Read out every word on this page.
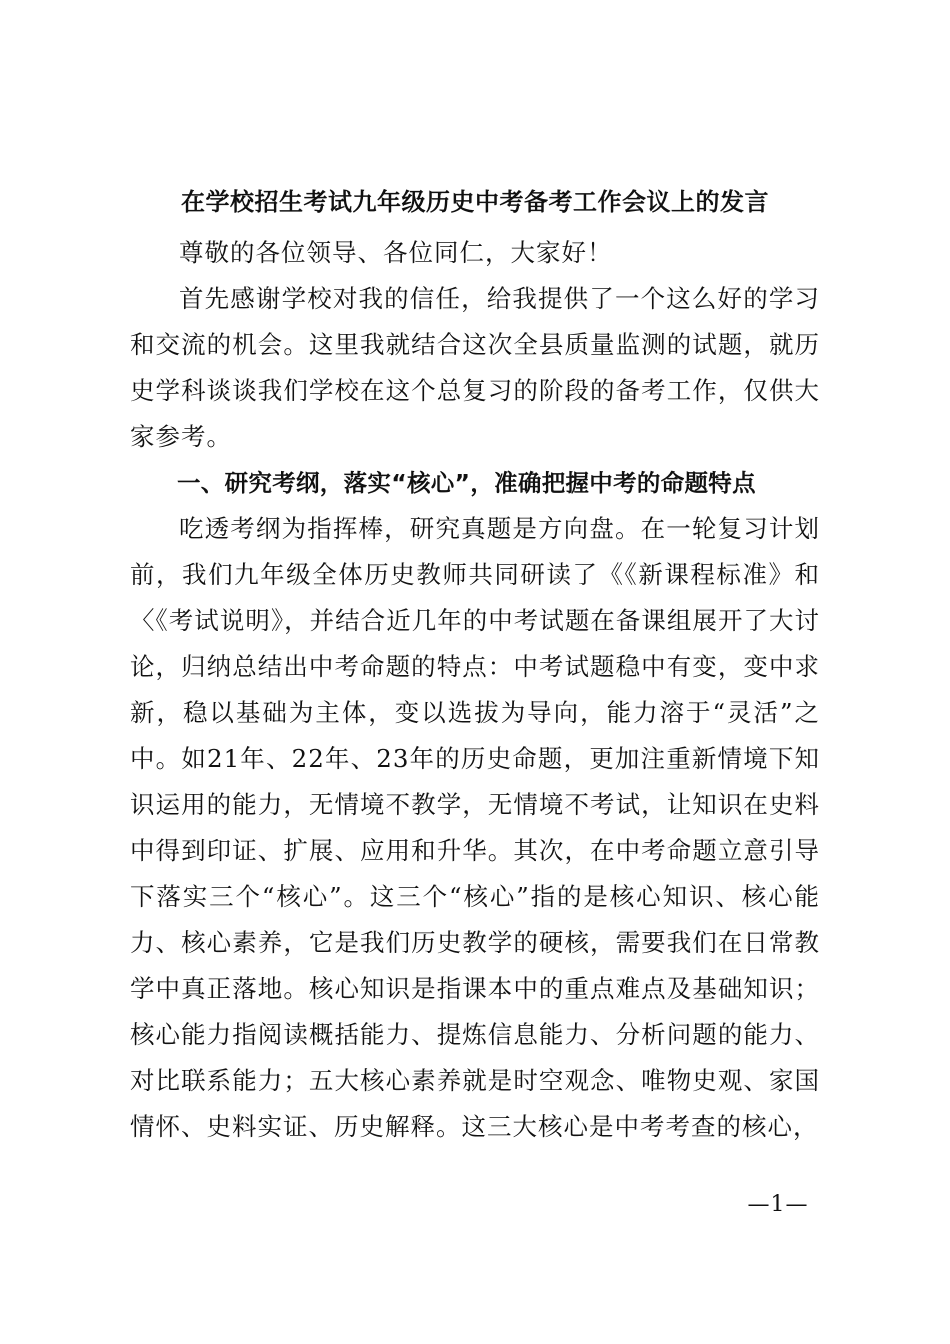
在学校招生考试九年级历史中考备考工作会议上的发言

尊敬的各位领导、各位同仁，大家好！

首先感谢学校对我的信任，给我提供了一个这么好的学习和交流的机会。这里我就结合这次全县质量监测的试题，就历史学科谈谈我们学校在这个总复习的阶段的备考工作，仅供大家参考。

一、研究考纲，落实“核心”，准确把握中考的命题特点

吃透考纲为指挥棒，研究真题是方向盘。在一轮复习计划前，我们九年级全体历史教师共同研读了《《新课程标准》和〈《考试说明》，并结合近几年的中考试题在备课组展开了大讨论，归纳总结出中考命题的特点：中考试题稳中有变，变中求新，稳以基础为主体，变以选拔为导向，能力溶于“灵活”之中。如21年、22年、23年的历史命题，更加注重新情境下知识运用的能力，无情境不教学，无情境不考试，让知识在史料中得到印证、扩展、应用和升华。其次，在中考命题立意引导下落实三个“核心”。这三个“核心”指的是核心知识、核心能力、核心素养，它是我们历史教学的硬核，需要我们在日常教学中真正落地。核心知识是指课本中的重点难点及基础知识；核心能力指阅读概括能力、提炼信息能力、分析问题的能力、对比联系能力；五大核心素养就是时空观念、唯物史观、家国情怀、史料实证、历史解释。这三大核心是中考考查的核心，

—1—
